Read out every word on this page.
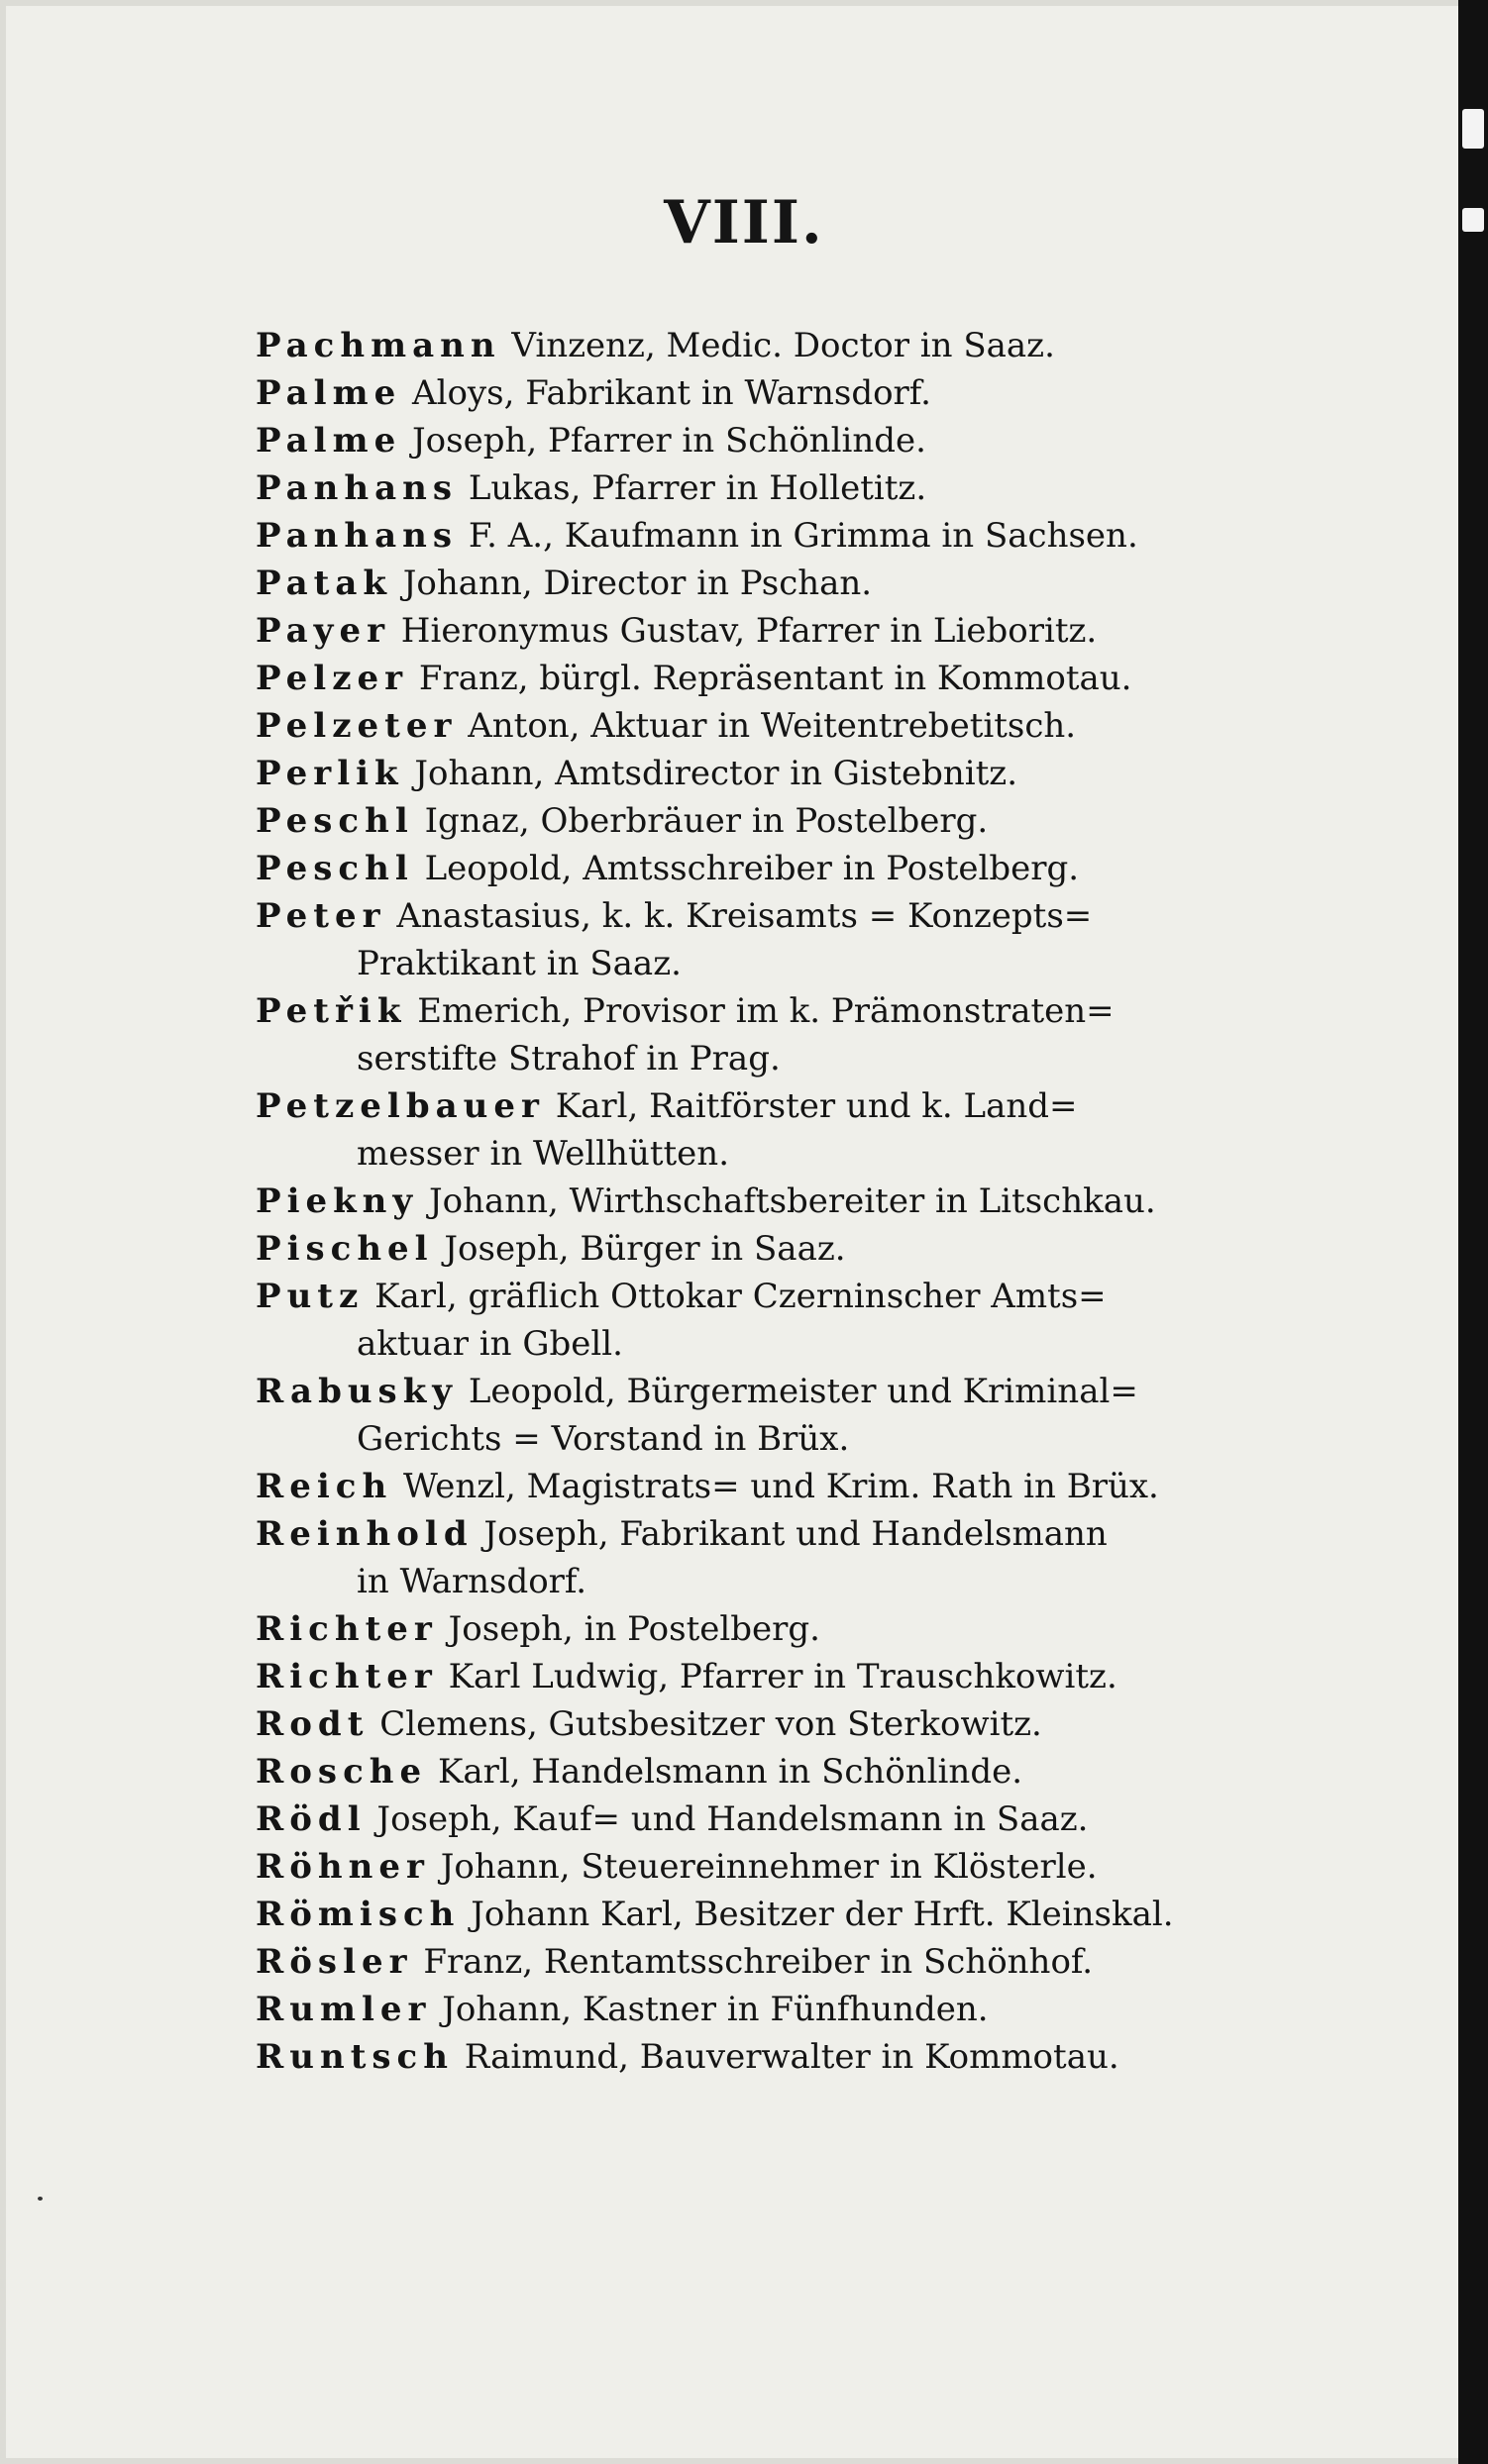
VIII.
Pachmann Vinzenz, Medic. Doctor in Saaz.
Palme Aloys, Fabrikant in Warnsdorf.
Palme Joseph, Pfarrer in Schönlinde.
Panhans Lukas, Pfarrer in Holletitz.
Panhans F. A., Kaufmann in Grimma in Sachsen.
Patak Johann, Director in Pschan.
Payer Hieronymus Gustav, Pfarrer in Lieboritz.
Pelzer Franz, bürgl. Repräsentant in Kommotau.
Pelzeter Anton, Aktuar in Weitentrebetitsch.
Perlik Johann, Amtsdirector in Gistebnitz.
Peschl Ignaz, Oberbräuer in Postelberg.
Peschl Leopold, Amtsschreiber in Postelberg.
Peter Anastasius, k. k. Kreisamts = Konzepts=
Praktikant in Saaz.
Petřik Emerich, Provisor im k. Prämonstraten=
serstifte Strahof in Prag.
Petzelbauer Karl, Raitförster und k. Land=
messer in Wellhütten.
Piekny Johann, Wirthschaftsbereiter in Litschkau.
Pischel Joseph, Bürger in Saaz.
Putz Karl, gräflich Ottokar Czerninscher Amts=
aktuar in Gbell.
Rabusky Leopold, Bürgermeister und Kriminal=
Gerichts = Vorstand in Brüx.
Reich Wenzl, Magistrats= und Krim. Rath in Brüx.
Reinhold Joseph, Fabrikant und Handelsmann
in Warnsdorf.
Richter Joseph, in Postelberg.
Richter Karl Ludwig, Pfarrer in Trauschkowitz.
Rodt Clemens, Gutsbesitzer von Sterkowitz.
Rosche Karl, Handelsmann in Schönlinde.
Rödl Joseph, Kauf= und Handelsmann in Saaz.
Röhner Johann, Steuereinnehmer in Klösterle.
Römisch Johann Karl, Besitzer der Hrft. Kleinskal.
Rösler Franz, Rentamtsschreiber in Schönhof.
Rumler Johann, Kastner in Fünfhunden.
Runtsch Raimund, Bauverwalter in Kommotau.
